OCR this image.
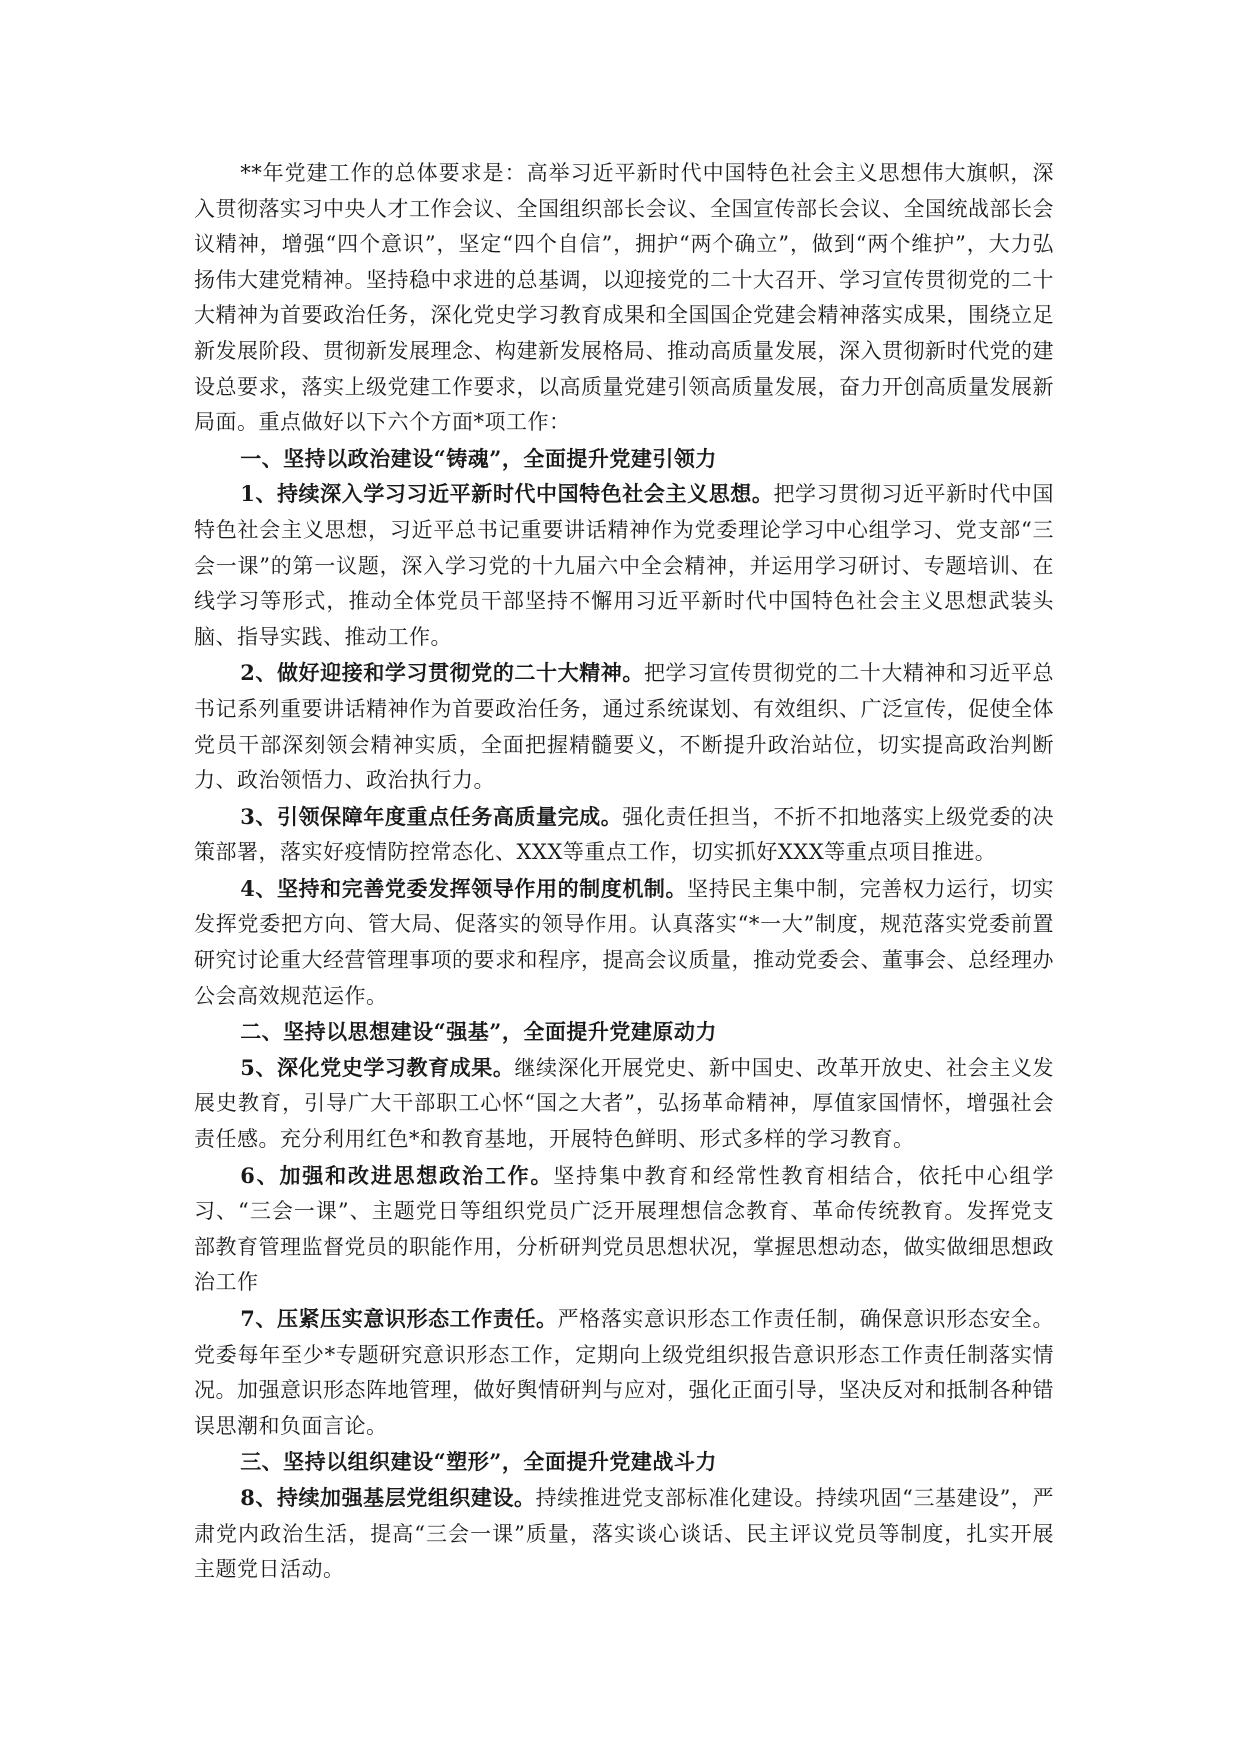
**年党建工作的总体要求是：高举习近平新时代中国特色社会主义思想伟大旗帜，深入贯彻落实习中央人才工作会议、全国组织部长会议、全国宣传部长会议、全国统战部长会议精神，增强“四个意识”，坚定“四个自信”，拥护“两个确立”，做到“两个维护”，大力弘扬伟大建党精神。坚持稳中求进的总基调，以迎接党的二十大召开、学习宣传贯彻党的二十大精神为首要政治任务，深化党史学习教育成果和全国国企党建会精神落实成果，围绕立足新发展阶段、贯彻新发展理念、构建新发展格局、推动高质量发展，深入贯彻新时代党的建设总要求，落实上级党建工作要求，以高质量党建引领高质量发展，奋力开创高质量发展新局面。重点做好以下六个方面*项工作：

一、坚持以政治建设“铸魂”，全面提升党建引领力

1、持续深入学习习近平新时代中国特色社会主义思想。把学习贯彻习近平新时代中国特色社会主义思想，习近平总书记重要讲话精神作为党委理论学习中心组学习、党支部“三会一课”的第一议题，深入学习党的十九届六中全会精神，并运用学习研讨、专题培训、在线学习等形式，推动全体党员干部坚持不懈用习近平新时代中国特色社会主义思想武装头脑、指导实践、推动工作。

2、做好迎接和学习贯彻党的二十大精神。把学习宣传贯彻党的二十大精神和习近平总书记系列重要讲话精神作为首要政治任务，通过系统谋划、有效组织、广泛宣传，促使全体党员干部深刻领会精神实质，全面把握精髓要义，不断提升政治站位，切实提高政治判断力、政治领悟力、政治执行力。

3、引领保障年度重点任务高质量完成。强化责任担当，不折不扣地落实上级党委的决策部署，落实好疫情防控常态化、XXX等重点工作，切实抓好XXX等重点项目推进。

4、坚持和完善党委发挥领导作用的制度机制。坚持民主集中制，完善权力运行，切实发挥党委把方向、管大局、促落实的领导作用。认真落实“*一大”制度，规范落实党委前置研究讨论重大经营管理事项的要求和程序，提高会议质量，推动党委会、董事会、总经理办公会高效规范运作。

二、坚持以思想建设“强基”，全面提升党建原动力

5、深化党史学习教育成果。继续深化开展党史、新中国史、改革开放史、社会主义发展史教育，引导广大干部职工心怀“国之大者”，弘扬革命精神，厚值家国情怀，增强社会责任感。充分利用红色*和教育基地，开展特色鲜明、形式多样的学习教育。

6、加强和改进思想政治工作。坚持集中教育和经常性教育相结合，依托中心组学习、“三会一课”、主题党日等组织党员广泛开展理想信念教育、革命传统教育。发挥党支部教育管理监督党员的职能作用，分析研判党员思想状况，掌握思想动态，做实做细思想政治工作

7、压紧压实意识形态工作责任。严格落实意识形态工作责任制，确保意识形态安全。党委每年至少*专题研究意识形态工作，定期向上级党组织报告意识形态工作责任制落实情况。加强意识形态阵地管理，做好舆情研判与应对，强化正面引导，坚决反对和抵制各种错误思潮和负面言论。

三、坚持以组织建设“塑形”，全面提升党建战斗力

8、持续加强基层党组织建设。持续推进党支部标准化建设。持续巩固“三基建设”，严肃党内政治生活，提高“三会一课”质量，落实谈心谈话、民主评议党员等制度，扎实开展主题党日活动。
